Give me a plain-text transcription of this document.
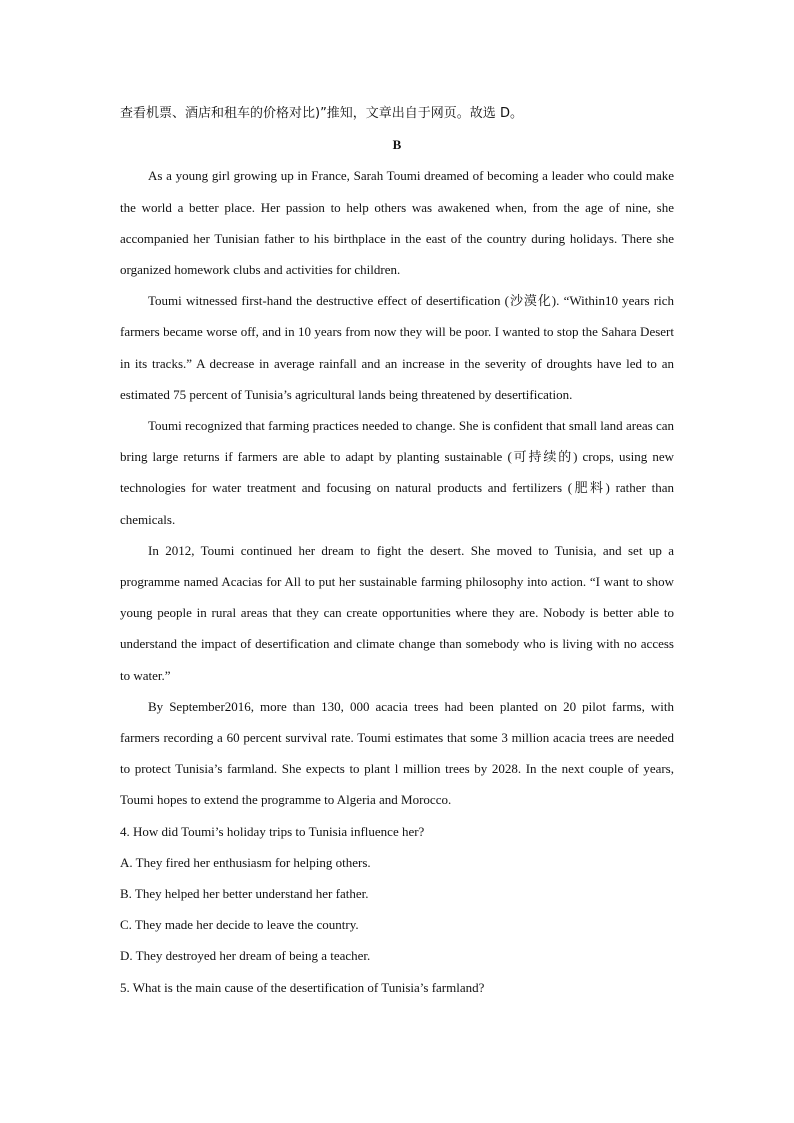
查看机票、酒店和租车的价格对比)”推知，文章出自于网页。故选 D。

B

As a young girl growing up in France, Sarah Toumi dreamed of becoming a leader who could make the world a better place. Her passion to help others was awakened when, from the age of nine, she accompanied her Tunisian father to his birthplace in the east of the country during holidays. There she organized homework clubs and activities for children.

Toumi witnessed first-hand the destructive effect of desertification (沙漠化). “Within10 years rich farmers became worse off, and in 10 years from now they will be poor. I wanted to stop the Sahara Desert in its tracks.” A decrease in average rainfall and an increase in the severity of droughts have led to an estimated 75 percent of Tunisia’s agricultural lands being threatened by desertification.

Toumi recognized that farming practices needed to change. She is confident that small land areas can bring large returns if farmers are able to adapt by planting sustainable (可持续的) crops, using new technologies for water treatment and focusing on natural products and fertilizers (肥料) rather than chemicals.

In 2012, Toumi continued her dream to fight the desert. She moved to Tunisia, and set up a programme named Acacias for All to put her sustainable farming philosophy into action. “I want to show young people in rural areas that they can create opportunities where they are. Nobody is better able to understand the impact of desertification and climate change than somebody who is living with no access to water.”

By September2016, more than 130, 000 acacia trees had been planted on 20 pilot farms, with farmers recording a 60 percent survival rate. Toumi estimates that some 3 million acacia trees are needed to protect Tunisia’s farmland. She expects to plant l million trees by 2028. In the next couple of years, Toumi hopes to extend the programme to Algeria and Morocco.

4. How did Toumi’s holiday trips to Tunisia influence her?

A. They fired her enthusiasm for helping others.

B. They helped her better understand her father.

C. They made her decide to leave the country.

D. They destroyed her dream of being a teacher.

5. What is the main cause of the desertification of Tunisia’s farmland?
